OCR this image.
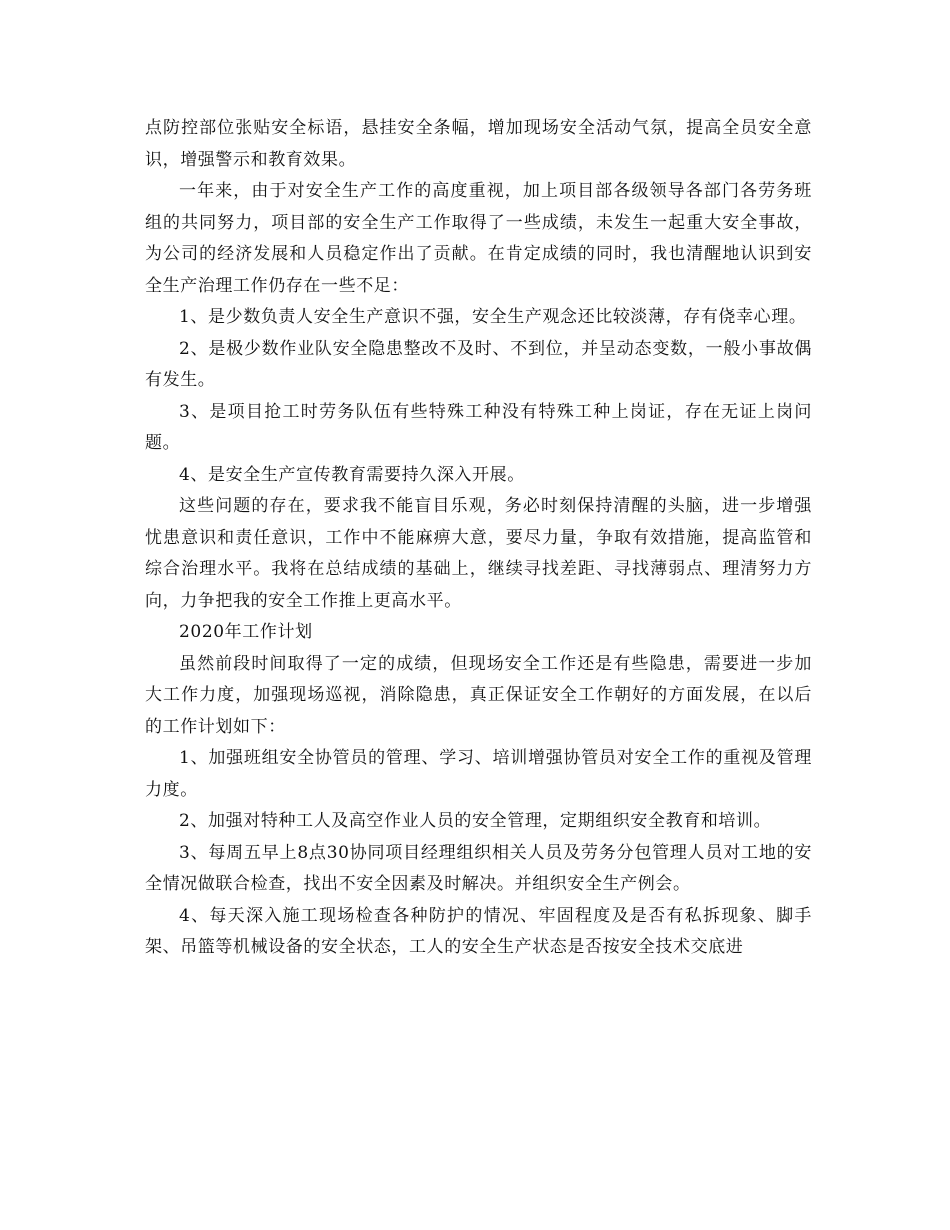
点防控部位张贴安全标语，悬挂安全条幅，增加现场安全活动气氛，提高全员安全意识，增强警示和教育效果。

一年来，由于对安全生产工作的高度重视，加上项目部各级领导各部门各劳务班组的共同努力，项目部的安全生产工作取得了一些成绩，未发生一起重大安全事故，为公司的经济发展和人员稳定作出了贡献。在肯定成绩的同时，我也清醒地认识到安全生产治理工作仍存在一些不足：

1、是少数负责人安全生产意识不强，安全生产观念还比较淡薄，存有侥幸心理。

2、是极少数作业队安全隐患整改不及时、不到位，并呈动态变数，一般小事故偶有发生。

3、是项目抢工时劳务队伍有些特殊工种没有特殊工种上岗证，存在无证上岗问题。

4、是安全生产宣传教育需要持久深入开展。

这些问题的存在，要求我不能盲目乐观，务必时刻保持清醒的头脑，进一步增强忧患意识和责任意识，工作中不能麻痹大意，要尽力量，争取有效措施，提高监管和综合治理水平。我将在总结成绩的基础上，继续寻找差距、寻找薄弱点、理清努力方向，力争把我的安全工作推上更高水平。

2020年工作计划

虽然前段时间取得了一定的成绩，但现场安全工作还是有些隐患，需要进一步加大工作力度，加强现场巡视，消除隐患，真正保证安全工作朝好的方面发展，在以后的工作计划如下：

1、加强班组安全协管员的管理、学习、培训增强协管员对安全工作的重视及管理力度。

2、加强对特种工人及高空作业人员的安全管理，定期组织安全教育和培训。

3、每周五早上8点30协同项目经理组织相关人员及劳务分包管理人员对工地的安全情况做联合检查，找出不安全因素及时解决。并组织安全生产例会。

4、每天深入施工现场检查各种防护的情况、牢固程度及是否有私拆现象、脚手架、吊篮等机械设备的安全状态，工人的安全生产状态是否按安全技术交底进
